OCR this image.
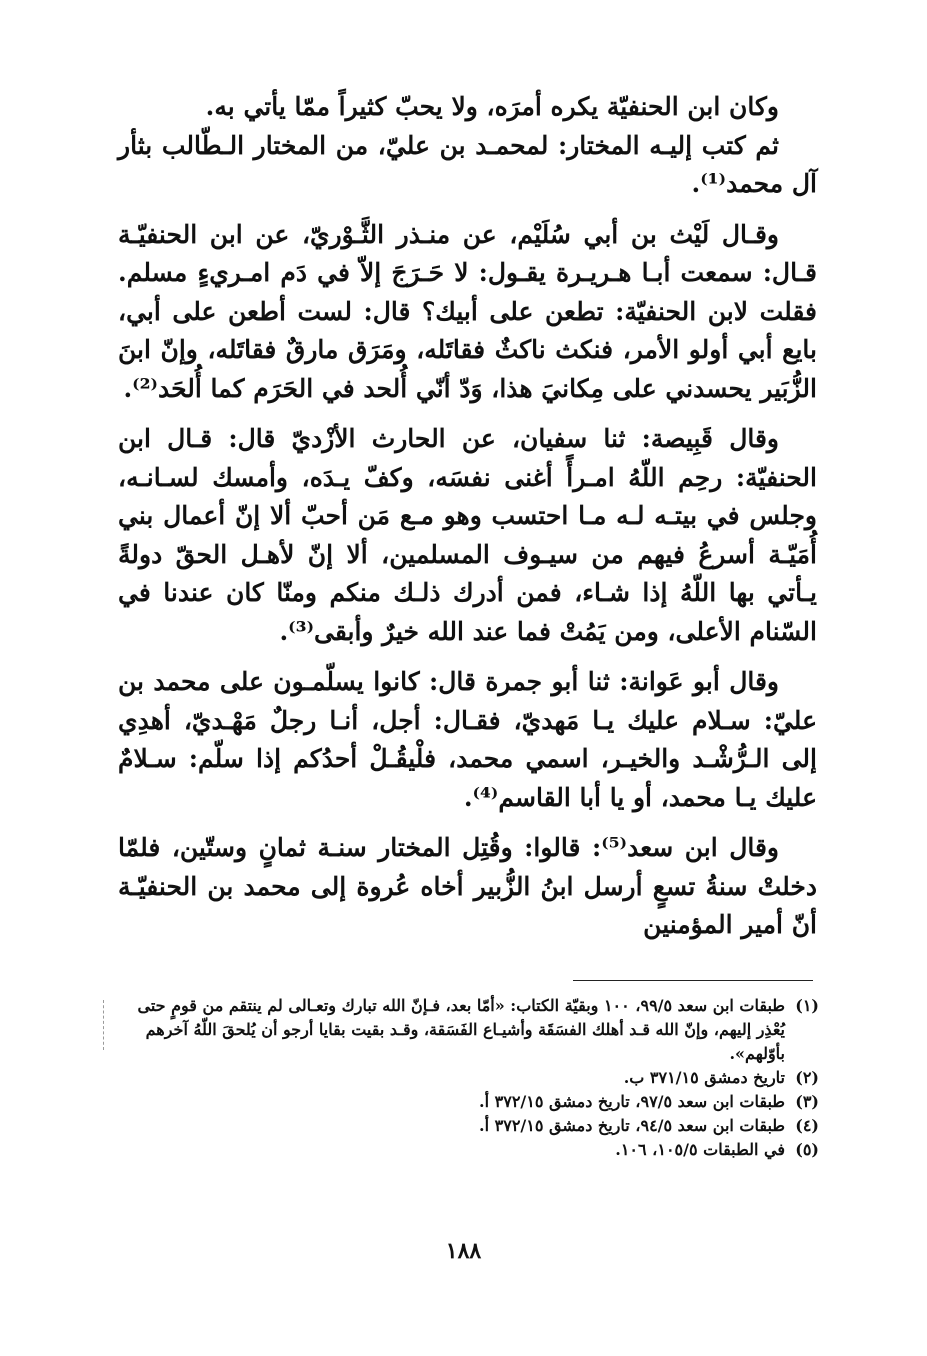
وكان ابن الحنفيّة يكره أمرَه، ولا يحبّ كثيراً ممّا يأتي به.

ثم كتب إليـه المختار: لمحمـد بن عليّ، من المختار الـطّالب بثأر آل محمد⁽¹⁾.

وقـال لَيْث بن أبي سُلَيْم، عن منـذر الثَّـوْريّ، عن ابن الحنفيّـة قـال: سمعت أبـا هـريـرة يقـول: لا حَـرَجَ إلاّ في دَم امـريءٍ مسلم. فقلت لابن الحنفيّة: تطعن على أبيك؟ قال: لست أطعن على أبي، بايع أبي أولو الأمر، فنكث ناكثٌ فقاتَله، ومَرَق مارقٌ فقاتَله، وإنّ ابنَ الزُّبَير يحسدني على مِكانيَ هذا، وَدّ أنّي أُلحد في الحَرَم كما أُلحَد⁽²⁾.

وقال قَبِيصة: ثنا سفيان، عن الحارث الأزْديّ قال: قـال ابن الحنفيّة: رحِم اللّهُ امـرأً أغنى نفسَه، وكفّ يـدَه، وأمسك لسـانـه، وجلس في بيتـه لـه مـا احتسب وهو مـع مَن أحبّ ألا إنّ أعمال بني أُمَيّـة أسرعُ فيهم من سيـوف المسلمين، ألا إنّ لأهـل الحقّ دولةً يـأتي بها اللّهُ إذا شـاء، فمن أدرك ذلـك منكم ومنّا كان عندنا في السّنام الأعلى، ومن يَمُتْ فما عند الله خيرٌ وأبقى⁽³⁾.

وقال أبو عَوانة: ثنا أبو جمرة قال: كانوا يسلّمـون على محمد بن عليّ: سـلام عليك يـا مَهديّ، فقـال: أجل، أنـا رجلٌ مَهْـديّ، أهدِي إلى الـرُّشْـد والخيـر، اسمي محمد، فلْيقُـلْ أحدُكم إذا سلّم: سـلامٌ عليك يـا محمد، أو يا أبا القاسم⁽⁴⁾.

وقال ابن سعد⁽⁵⁾: قالوا: وقُتِل المختار سنـة ثمانٍ وستّين، فلمّا دخلتْ سنةُ تسعٍ أرسل ابنُ الزُّبير أخاه عُروة إلى محمد بن الحنفيّـة أنّ أمير المؤمنين

(١)طبقات ابن سعد ٩٩/٥، ١٠٠ وبقيّة الكتاب: «أمّا بعد، فـإنّ الله تبارك وتعـالى لم ينتقم من قومٍ حتى يُعْذِر إليهم، وإنّ الله قـد أهلك الفسَقَة وأشيـاع الفَسَقة، وقـد بقيت بقايا أرجو أن يُلحقَ اللّهُ آخرهم بأوّلهم».

(٢)تاريخ دمشق ٣٧١/١٥ ب.

(٣)طبقات ابن سعد ٩٧/٥، تاريخ دمشق ٣٧٢/١٥ أ.

(٤)طبقات ابن سعد ٩٤/٥، تاريخ دمشق ٣٧٢/١٥ أ.

(٥)في الطبقات ١٠٥/٥، ١٠٦.

١٨٨
